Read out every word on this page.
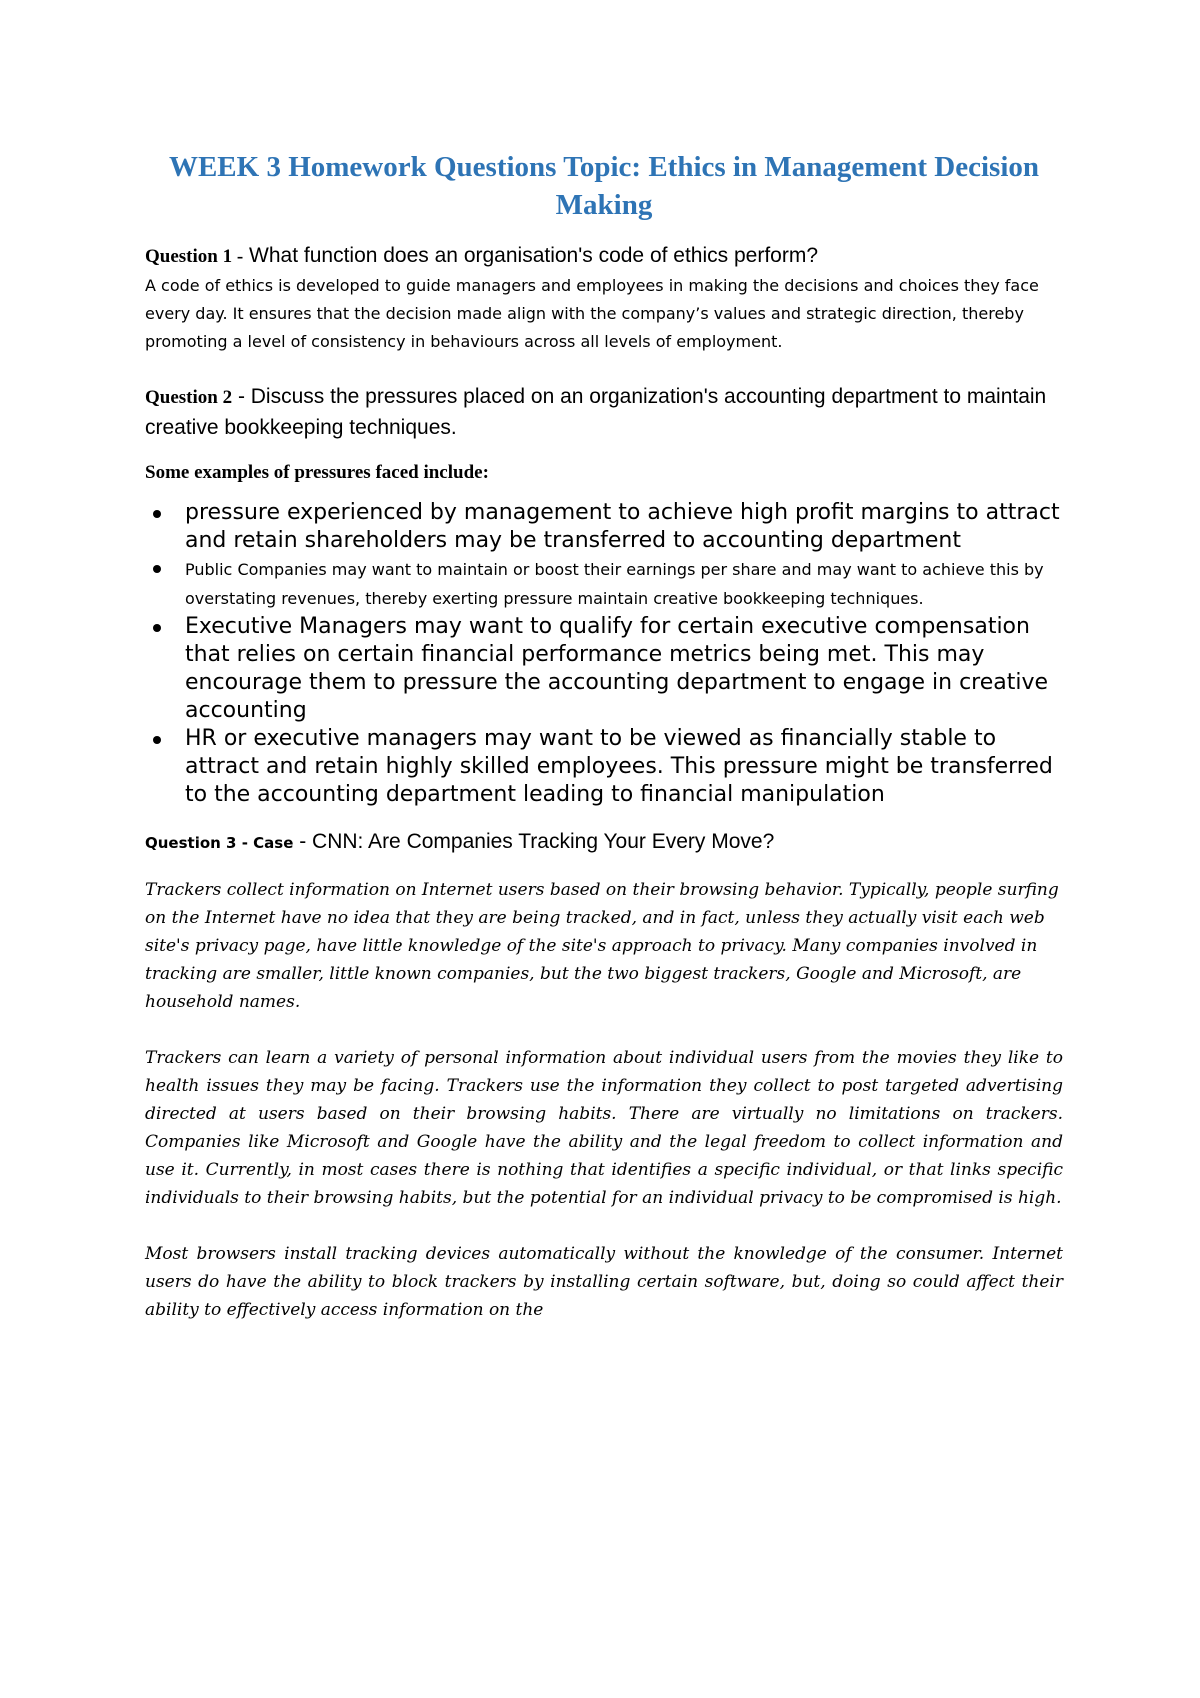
WEEK 3 Homework Questions Topic: Ethics in Management Decision Making

Question 1 - What function does an organisation's code of ethics perform?

A code of ethics is developed to guide managers and employees in making the decisions and choices they face every day. It ensures that the decision made align with the company’s values and strategic direction, thereby promoting a level of consistency in behaviours across all levels of employment.

Question 2 - Discuss the pressures placed on an organization's accounting department to maintain creative bookkeeping techniques.

Some examples of pressures faced include:

pressure experienced by management to achieve high profit margins to attract and retain shareholders may be transferred to accounting department
Public Companies may want to maintain or boost their earnings per share and may want to achieve this by overstating revenues, thereby exerting pressure maintain creative bookkeeping techniques.
Executive Managers may want to qualify for certain executive compensation that relies on certain financial performance metrics being met. This may encourage them to pressure the accounting department to engage in creative accounting
HR or executive managers may want to be viewed as financially stable to attract and retain highly skilled employees. This pressure might be transferred to the accounting department leading to financial manipulation

Question 3 - Case - CNN: Are Companies Tracking Your Every Move?

Trackers collect information on Internet users based on their browsing behavior. Typically, people surfing on the Internet have no idea that they are being tracked, and in fact, unless they actually visit each web site's privacy page, have little knowledge of the site's approach to privacy. Many companies involved in tracking are smaller, little known companies, but the two biggest trackers, Google and Microsoft, are household names.

Trackers can learn a variety of personal information about individual users from the movies they like to health issues they may be facing. Trackers use the information they collect to post targeted advertising directed at users based on their browsing habits. There are virtually no limitations on trackers. Companies like Microsoft and Google have the ability and the legal freedom to collect information and use it. Currently, in most cases there is nothing that identifies a specific individual, or that links specific individuals to their browsing habits, but the potential for an individual privacy to be compromised is high.

Most browsers install tracking devices automatically without the knowledge of the consumer. Internet users do have the ability to block trackers by installing certain software, but, doing so could affect their ability to effectively access information on the
